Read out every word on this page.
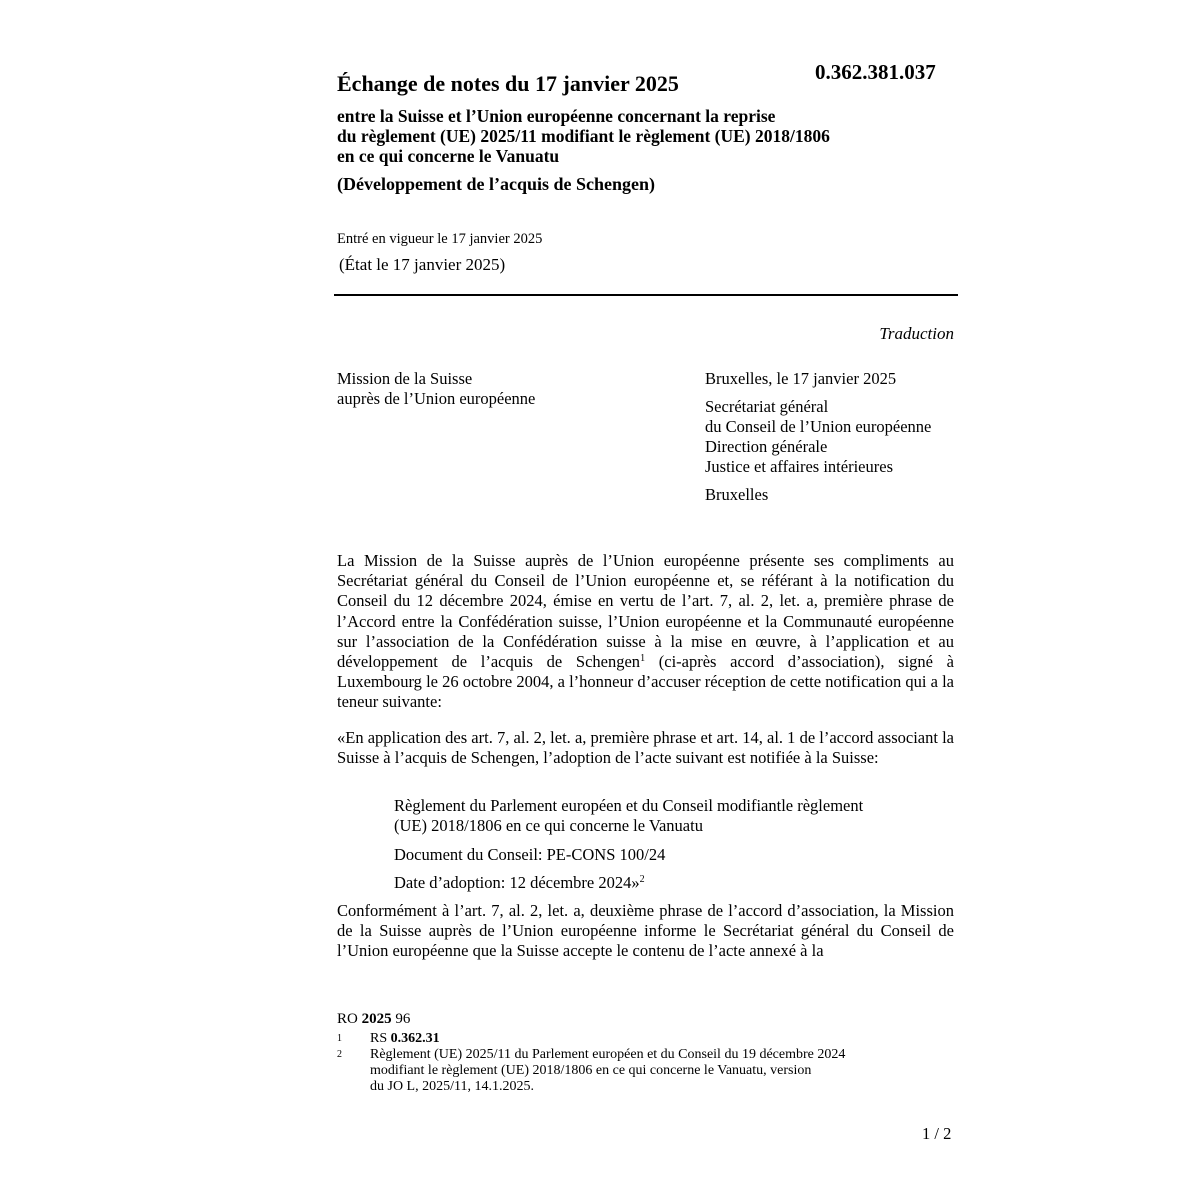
0.362.381.037
Échange de notes du 17 janvier 2025
entre la Suisse et l’Union européenne concernant la reprise
du règlement (UE) 2025/11 modifiant le règlement (UE) 2018/1806
en ce qui concerne le Vanuatu
(Développement de l’acquis de Schengen)
Entré en vigueur le 17 janvier 2025
(État le 17 janvier 2025)
Traduction
Mission de la Suisse
auprès de l’Union européenne
Bruxelles, le 17 janvier 2025
Secrétariat général
du Conseil de l’Union européenne
Direction générale
Justice et affaires intérieures
Bruxelles
La Mission de la Suisse auprès de l’Union européenne présente ses compliments au Secrétariat général du Conseil de l’Union européenne et, se référant à la notification du Conseil du 12 décembre 2024, émise en vertu de l’art. 7, al. 2, let. a, première phrase de l’Accord entre la Confédération suisse, l’Union européenne et la Communauté européenne sur l’association de la Confédération suisse à la mise en œuvre, à l’application et au développement de l’acquis de Schengen$^1$ (ci-après accord d’association), signé à Luxembourg le 26 octobre 2004, a l’honneur d’accuser réception de cette notification qui a la teneur suivante:
«En application des art. 7, al. 2, let. a, première phrase et art. 14, al. 1 de l’accord associant la Suisse à l’acquis de Schengen, l’adoption de l’acte suivant est notifiée à la Suisse:
Règlement du Parlement européen et du Conseil modifiantle règlement
(UE) 2018/1806 en ce qui concerne le Vanuatu
Document du Conseil: PE-CONS 100/24
Date d’adoption: 12 décembre 2024»$^2$
Conformément à l’art. 7, al. 2, let. a, deuxième phrase de l’accord d’association, la Mission de la Suisse auprès de l’Union européenne informe le Secrétariat général du Conseil de l’Union européenne que la Suisse accepte le contenu de l’acte annexé à la
RO 2025 96
1 RS 0.362.31
2 Règlement (UE) 2025/11 du Parlement européen et du Conseil du 19 décembre 2024
modifiant le règlement (UE) 2018/1806 en ce qui concerne le Vanuatu, version
du JO L, 2025/11, 14.1.2025.
1 / 2
